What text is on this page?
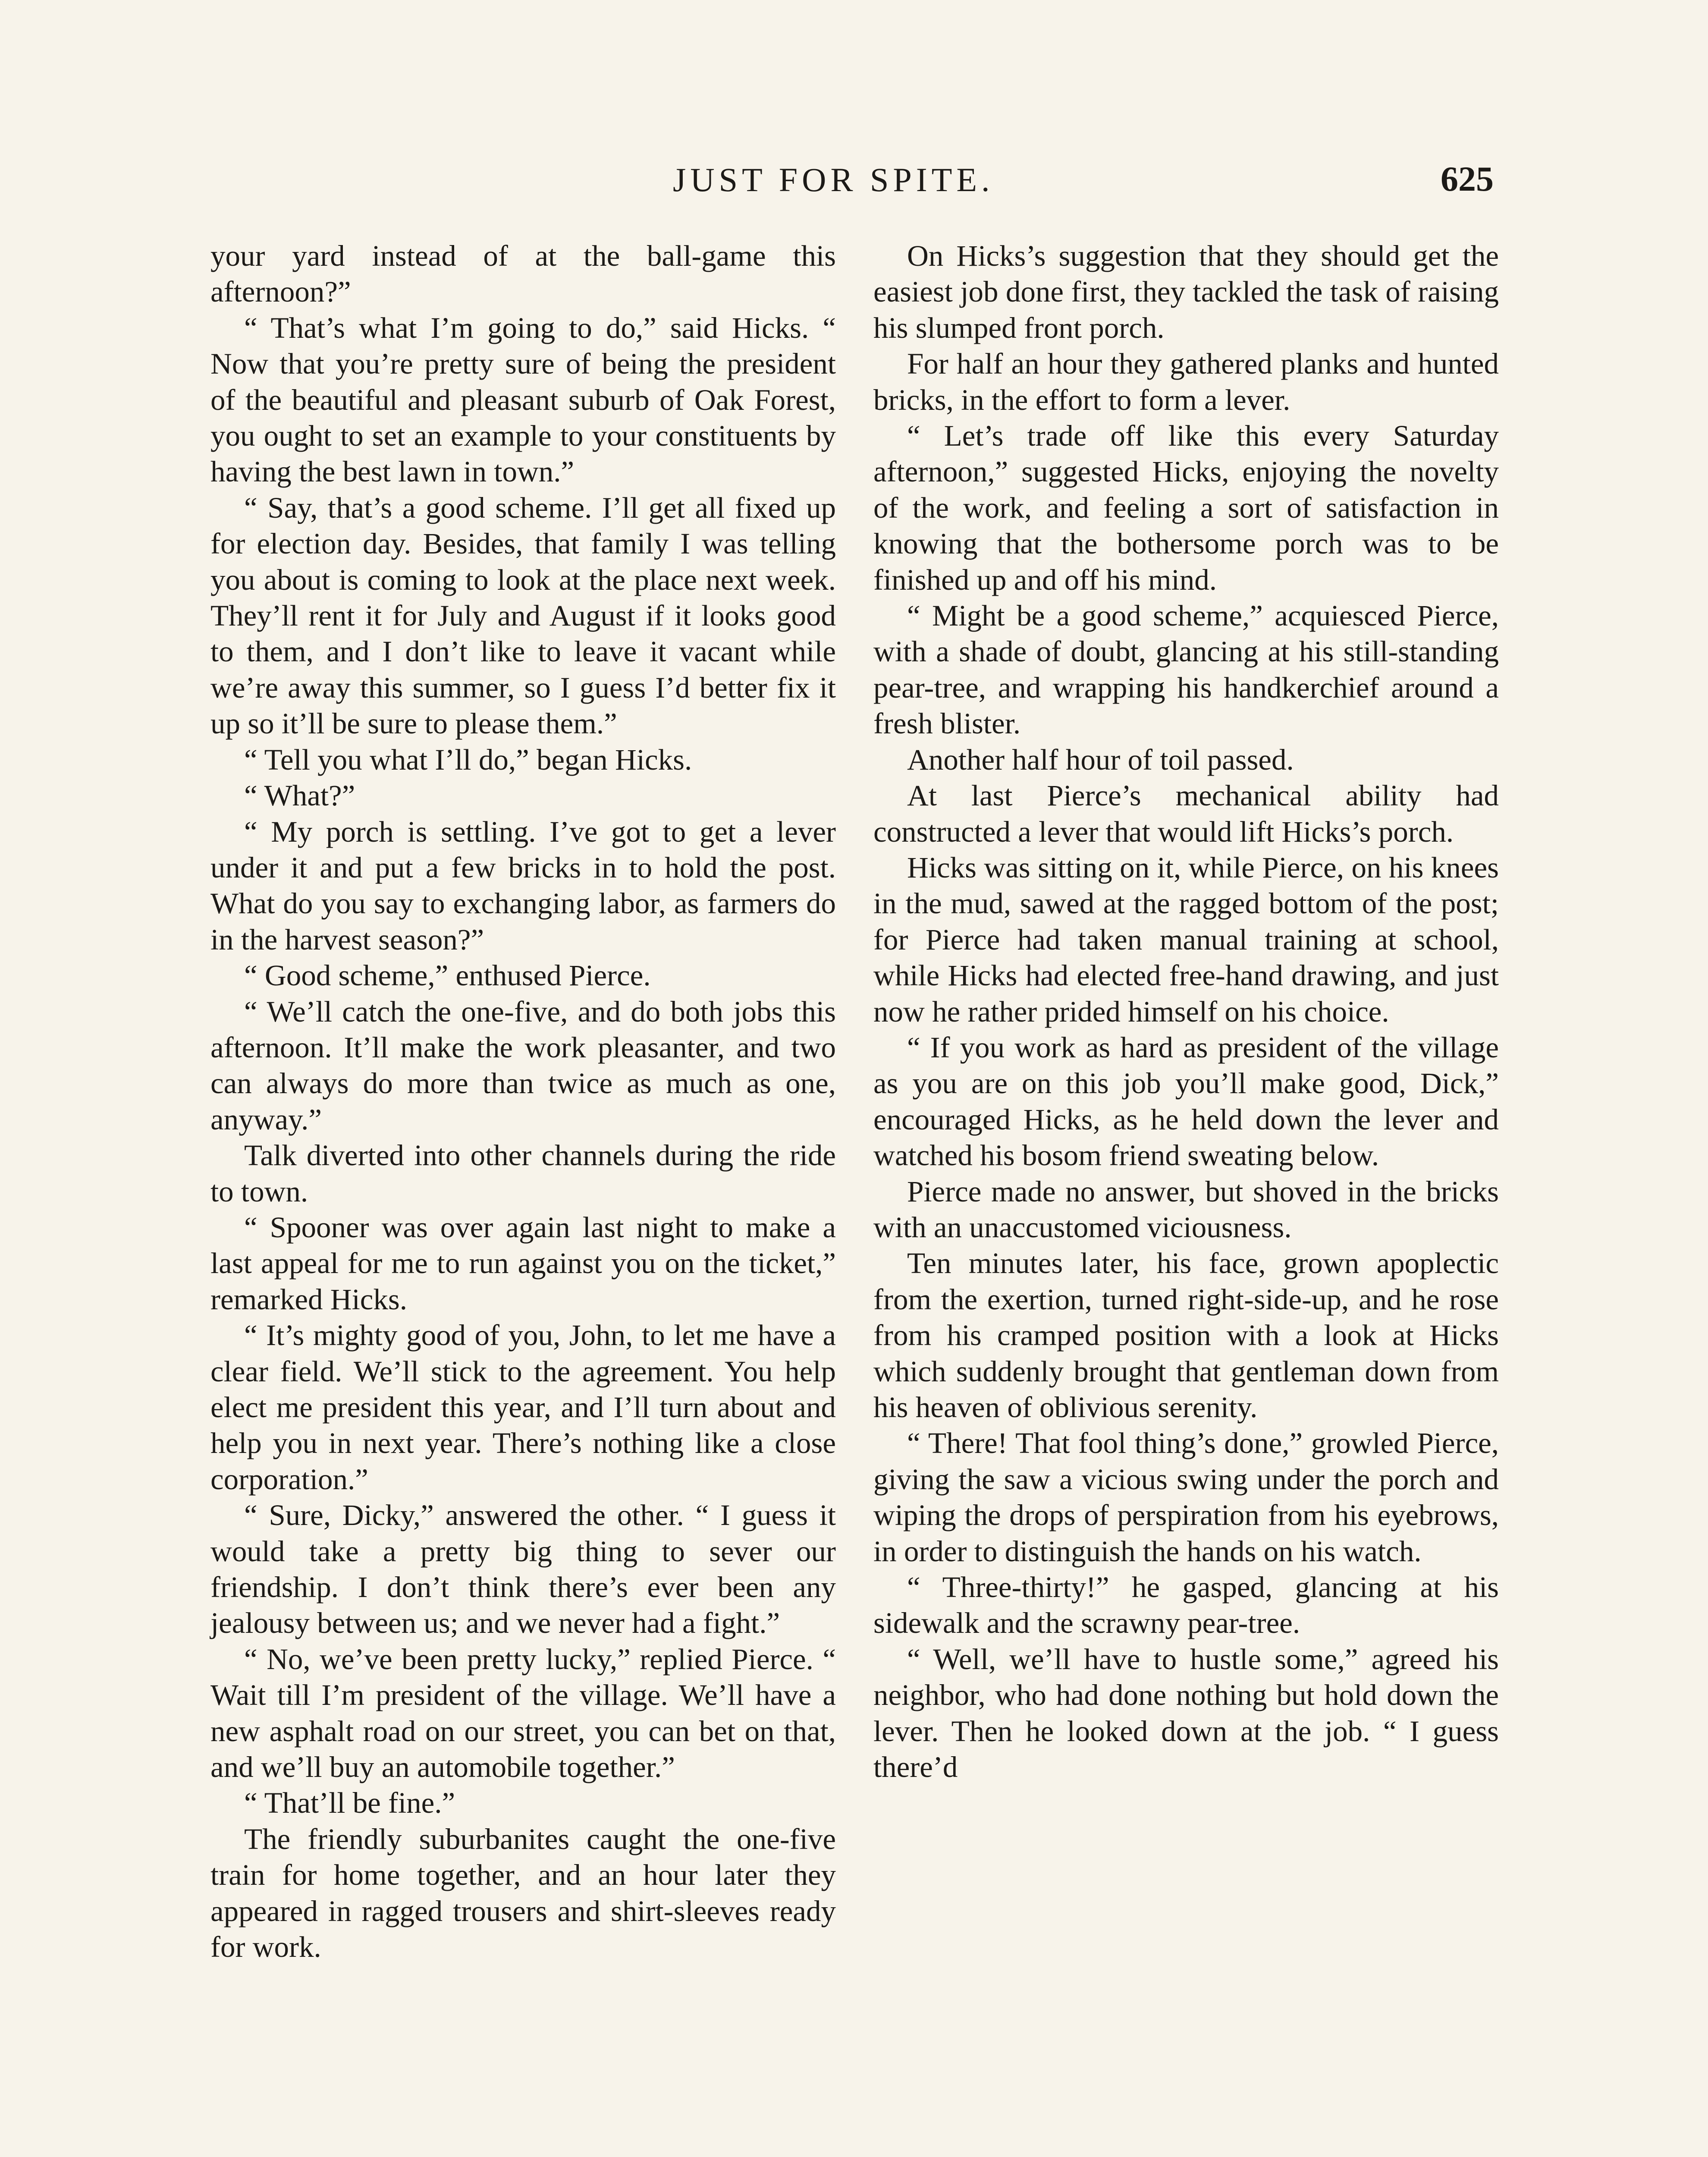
JUST FOR SPITE.	625

your yard instead of at the ball-game this afternoon?”

“ That’s what I’m going to do,” said Hicks. “ Now that you’re pretty sure of being the president of the beautiful and pleasant suburb of Oak Forest, you ought to set an example to your constituents by having the best lawn in town.”

“ Say, that’s a good scheme. I’ll get all fixed up for election day. Besides, that family I was telling you about is coming to look at the place next week. They’ll rent it for July and August if it looks good to them, and I don’t like to leave it vacant while we’re away this summer, so I guess I’d better fix it up so it’ll be sure to please them.”

“ Tell you what I’ll do,” began Hicks.

“ What?”

“ My porch is settling. I’ve got to get a lever under it and put a few bricks in to hold the post. What do you say to exchanging labor, as farmers do in the harvest season?”

“ Good scheme,” enthused Pierce.

“ We’ll catch the one-five, and do both jobs this afternoon. It’ll make the work pleasanter, and two can always do more than twice as much as one, anyway.”

Talk diverted into other channels during the ride to town.

“ Spooner was over again last night to make a last appeal for me to run against you on the ticket,” remarked Hicks.

“ It’s mighty good of you, John, to let me have a clear field. We’ll stick to the agreement. You help elect me president this year, and I’ll turn about and help you in next year. There’s nothing like a close corporation.”

“ Sure, Dicky,” answered the other. “ I guess it would take a pretty big thing to sever our friendship. I don’t think there’s ever been any jealousy between us; and we never had a fight.”

“ No, we’ve been pretty lucky,” replied Pierce. “ Wait till I’m president of the village. We’ll have a new asphalt road on our street, you can bet on that, and we’ll buy an automobile together.”

“ That’ll be fine.”

The friendly suburbanites caught the one-five train for home together, and an hour later they appeared in ragged trousers and shirt-sleeves ready for work.

On Hicks’s suggestion that they should get the easiest job done first, they tackled the task of raising his slumped front porch.

For half an hour they gathered planks and hunted bricks, in the effort to form a lever.

“ Let’s trade off like this every Saturday afternoon,” suggested Hicks, enjoying the novelty of the work, and feeling a sort of satisfaction in knowing that the bothersome porch was to be finished up and off his mind.

“ Might be a good scheme,” acquiesced Pierce, with a shade of doubt, glancing at his still-standing pear-tree, and wrapping his handkerchief around a fresh blister.

Another half hour of toil passed.

At last Pierce’s mechanical ability had constructed a lever that would lift Hicks’s porch.

Hicks was sitting on it, while Pierce, on his knees in the mud, sawed at the ragged bottom of the post; for Pierce had taken manual training at school, while Hicks had elected free-hand drawing, and just now he rather prided himself on his choice.

“ If you work as hard as president of the village as you are on this job you’ll make good, Dick,” encouraged Hicks, as he held down the lever and watched his bosom friend sweating below.

Pierce made no answer, but shoved in the bricks with an unaccustomed viciousness.

Ten minutes later, his face, grown apoplectic from the exertion, turned right-side-up, and he rose from his cramped position with a look at Hicks which suddenly brought that gentleman down from his heaven of oblivious serenity.

“ There! That fool thing’s done,” growled Pierce, giving the saw a vicious swing under the porch and wiping the drops of perspiration from his eyebrows, in order to distinguish the hands on his watch.

“ Three-thirty!” he gasped, glancing at his sidewalk and the scrawny pear-tree.

“ Well, we’ll have to hustle some,” agreed his neighbor, who had done nothing but hold down the lever. Then he looked down at the job. “ I guess there’d
